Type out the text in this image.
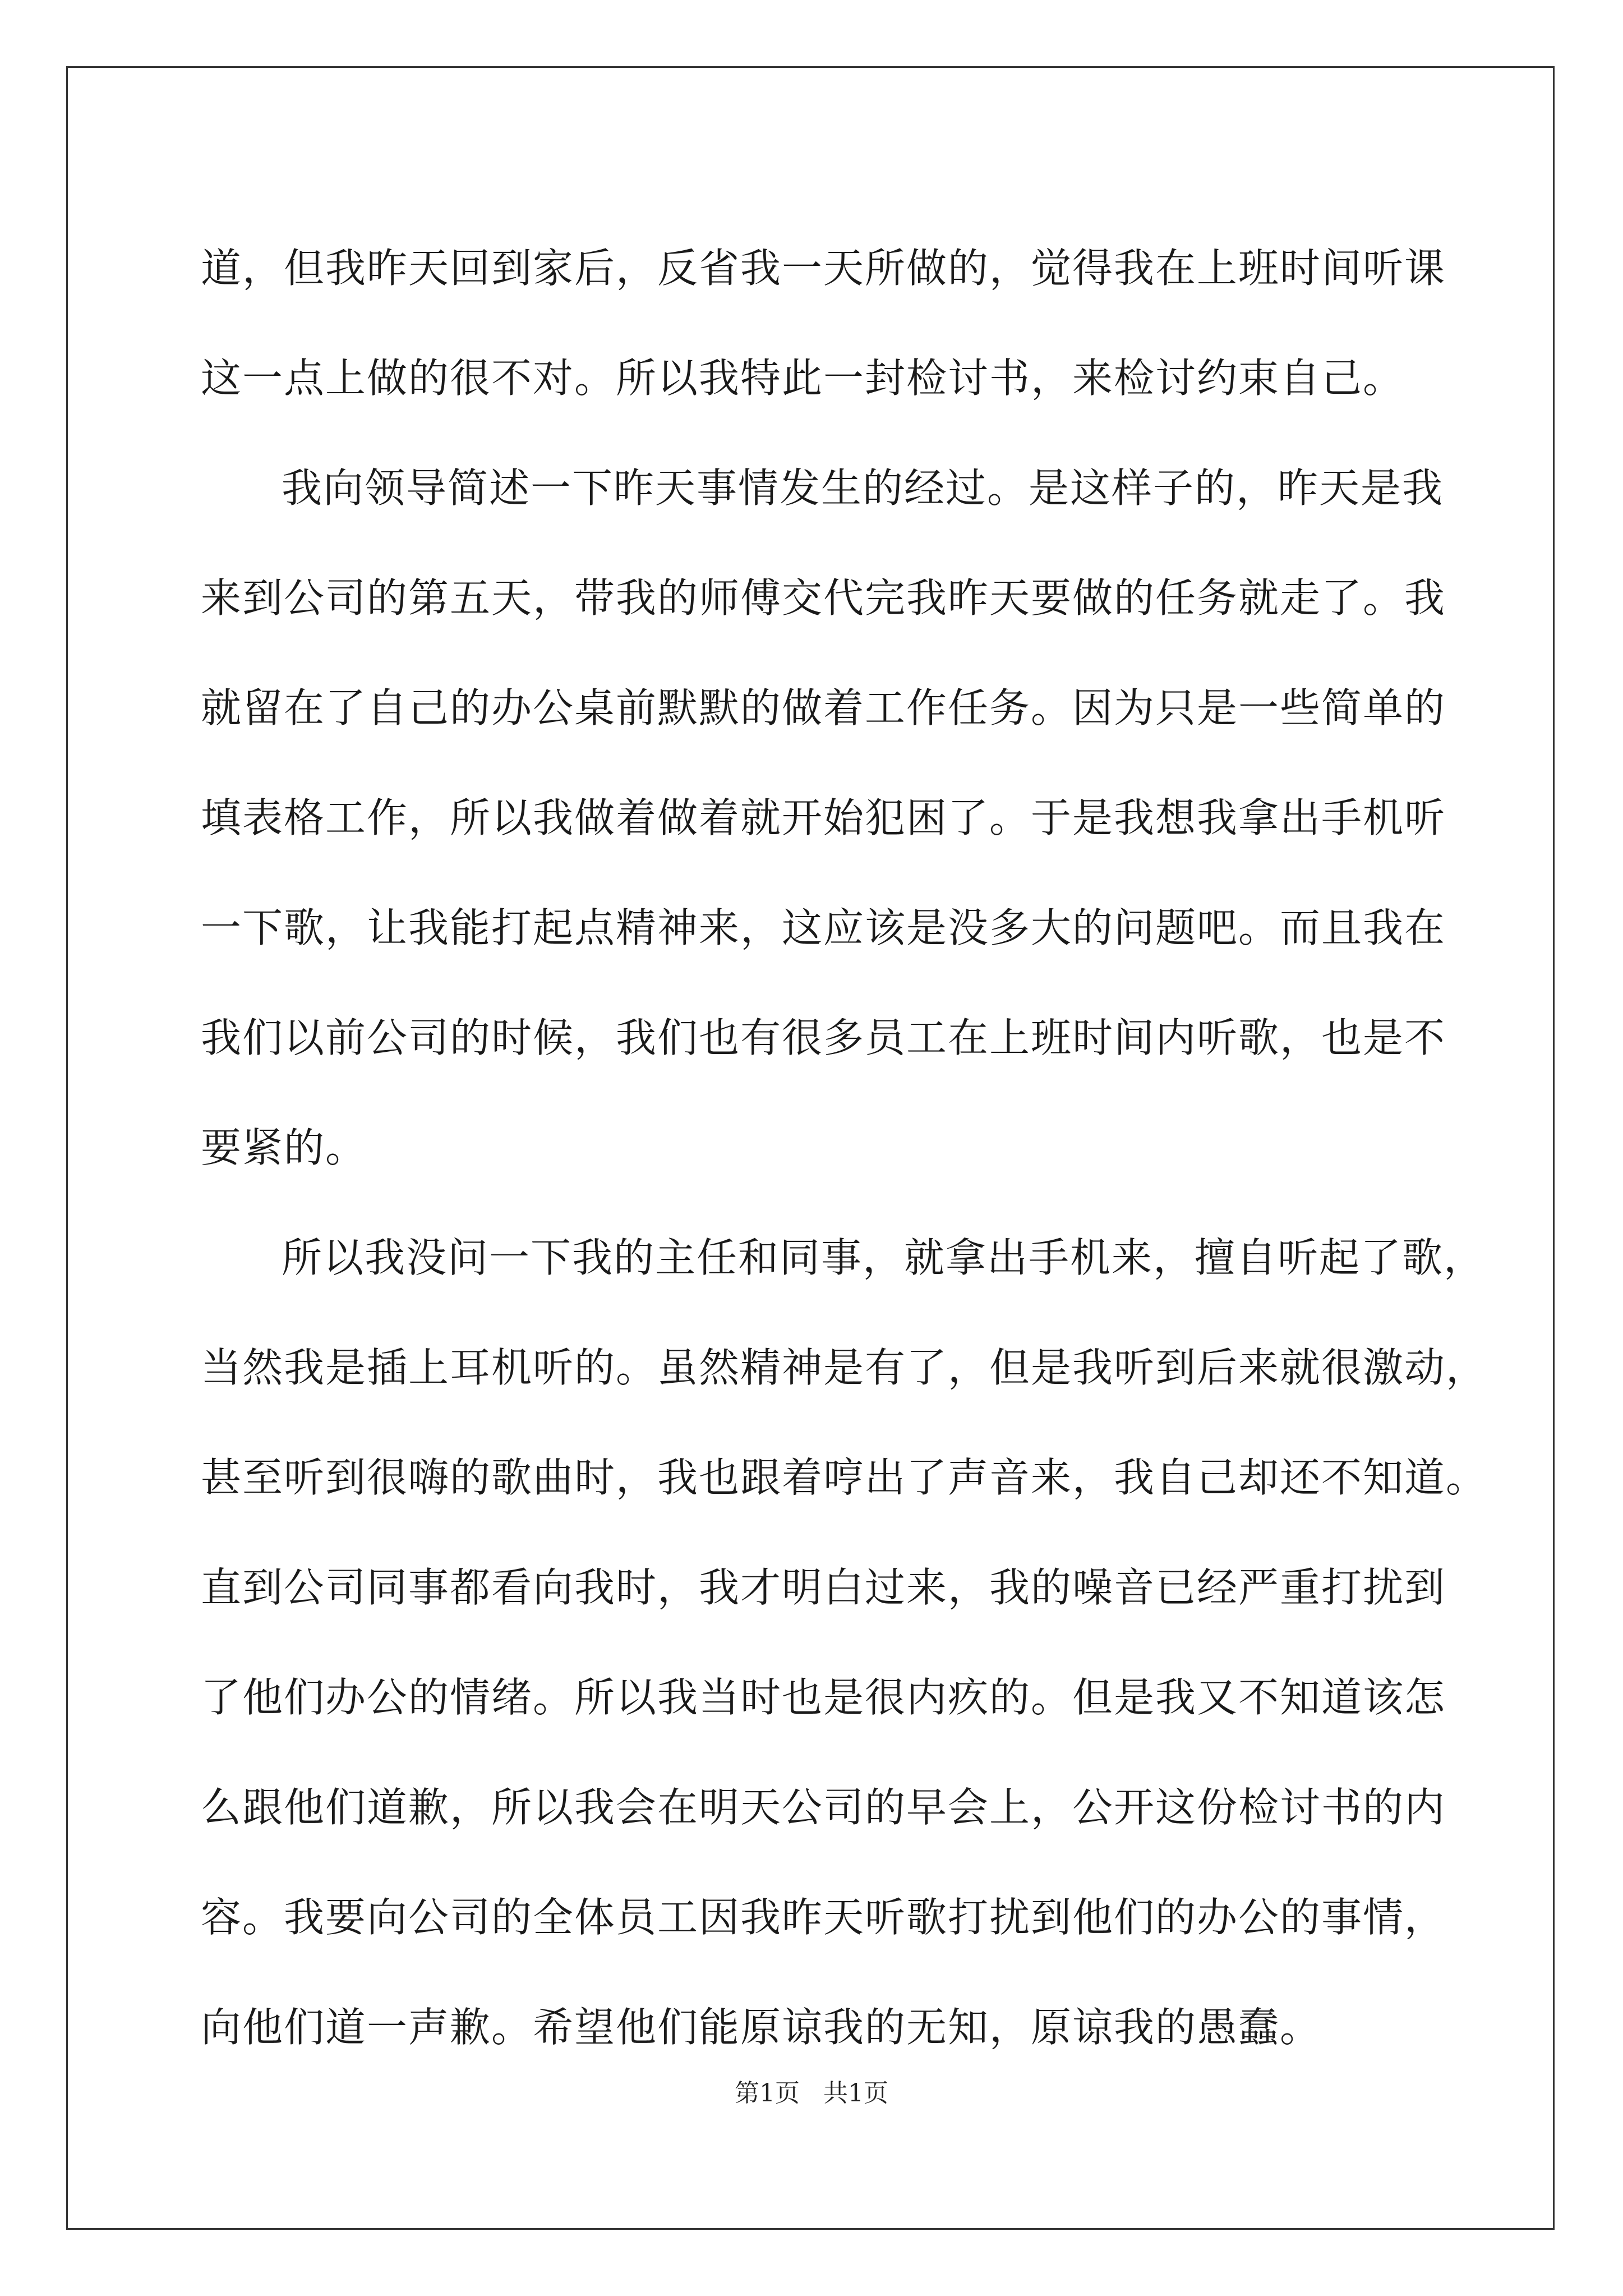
道，但我昨天回到家后，反省我一天所做的，觉得我在上班时间听课
这一点上做的很不对。所以我特此一封检讨书，来检讨约束自己。
我向领导简述一下昨天事情发生的经过。是这样子的，昨天是我
来到公司的第五天，带我的师傅交代完我昨天要做的任务就走了。我
就留在了自己的办公桌前默默的做着工作任务。因为只是一些简单的
填表格工作，所以我做着做着就开始犯困了。于是我想我拿出手机听
一下歌，让我能打起点精神来，这应该是没多大的问题吧。而且我在
我们以前公司的时候，我们也有很多员工在上班时间内听歌，也是不
要紧的。
所以我没问一下我的主任和同事，就拿出手机来，擅自听起了歌，
当然我是插上耳机听的。虽然精神是有了，但是我听到后来就很激动，
甚至听到很嗨的歌曲时，我也跟着哼出了声音来，我自己却还不知道。
直到公司同事都看向我时，我才明白过来，我的噪音已经严重打扰到
了他们办公的情绪。所以我当时也是很内疚的。但是我又不知道该怎
么跟他们道歉，所以我会在明天公司的早会上，公开这份检讨书的内
容。我要向公司的全体员工因我昨天听歌打扰到他们的办公的事情，
向他们道一声歉。希望他们能原谅我的无知，原谅我的愚蠢。
第1页   共1页
